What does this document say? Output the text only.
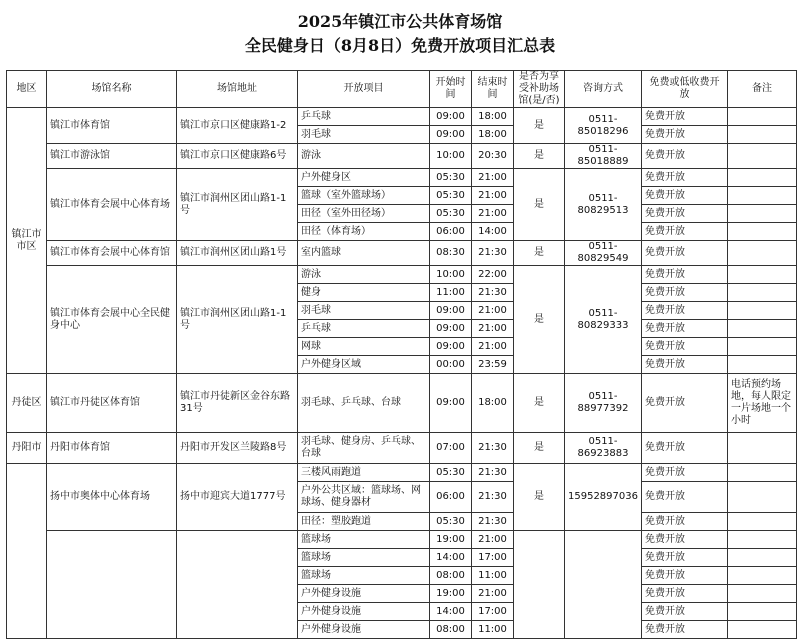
2025年镇江市公共体育场馆
全民健身日（8月8日）免费开放项目汇总表
地区	场馆名称	场馆地址	开放项目	开始时间	结束时间	是否为享受补助场馆(是/否)	咨询方式	免费或低收费开放	备注
镇江市市区	镇江市体育馆	镇江市京口区健康路1-2	乒乓球	09:00	18:00	是	0511-85018296	免费开放	
			羽毛球	09:00	18:00			免费开放	
	镇江市游泳馆	镇江市京口区健康路6号	游泳	10:00	20:30	是	0511-85018889	免费开放	
	镇江市体育会展中心体育场	镇江市润州区团山路1-1号	户外健身区	05:30	21:00	是	0511-80829513	免费开放	
			篮球（室外篮球场）	05:30	21:00			免费开放	
			田径（室外田径场）	05:30	21:00			免费开放	
			田径（体育场）	06:00	14:00			免费开放	
	镇江市体育会展中心体育馆	镇江市润州区团山路1号	室内篮球	08:30	21:30	是	0511-80829549	免费开放	
	镇江市体育会展中心全民健身中心	镇江市润州区团山路1-1号	游泳	10:00	22:00	是	0511-80829333	免费开放	
			健身	11:00	21:30			免费开放	
			羽毛球	09:00	21:00			免费开放	
			乒乓球	09:00	21:00			免费开放	
			网球	09:00	21:00			免费开放	
			户外健身区域	00:00	23:59			免费开放	
丹徒区	镇江市丹徒区体育馆	镇江市丹徒新区金谷东路31号	羽毛球、乒乓球、台球	09:00	18:00	是	0511-88977392	免费开放	电话预约场地，每人限定一片场地一个小时
丹阳市	丹阳市体育馆	丹阳市开发区兰陵路8号	羽毛球、健身房、乒乓球、台球	07:00	21:30	是	0511-86923883	免费开放	
	扬中市奥体中心体育场	扬中市迎宾大道1777号	三楼风雨跑道	05:30	21:30	是	15952897036	免费开放	
			户外公共区域：篮球场、网球场、健身器材	06:00	21:30			免费开放	
			田径：塑胶跑道	05:30	21:30			免费开放	
			篮球场	19:00	21:00			免费开放	
			篮球场	14:00	17:00			免费开放	
			篮球场	08:00	11:00			免费开放	
			户外健身设施	19:00	21:00			免费开放	
			户外健身设施	14:00	17:00			免费开放	
			户外健身设施	08:00	11:00			免费开放	
